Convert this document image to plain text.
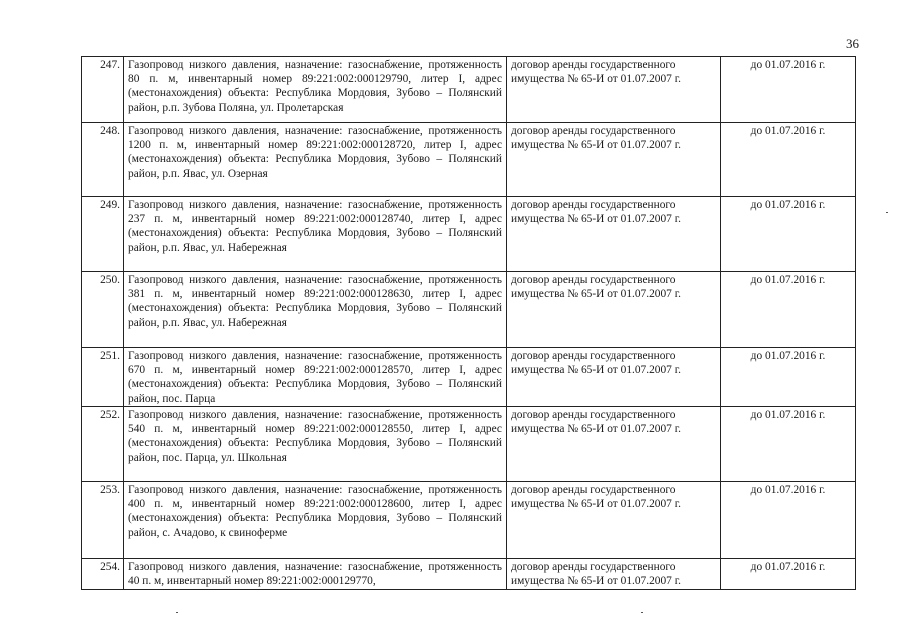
36
247.	Газопровод низкого давления, назначение: газоснабжение, протяженность 80 п. м, инвентарный номер 89:221:002:000129790, литер I, адрес (местонахождения) объекта: Республика Мордовия, Зубово – Полянский район, р.п. Зубова Поляна, ул. Пролетарская	договор аренды государственного имущества № 65-И от 01.07.2007 г.	до 01.07.2016 г.
248.	Газопровод низкого давления, назначение: газоснабжение, протяженность 1200 п. м, инвентарный номер 89:221:002:000128720, литер I, адрес (местонахождения) объекта: Республика Мордовия, Зубово – Полянский район, р.п. Явас, ул. Озерная	договор аренды государственного имущества № 65-И от 01.07.2007 г.	до 01.07.2016 г.
249.	Газопровод низкого давления, назначение: газоснабжение, протяженность 237 п. м, инвентарный номер 89:221:002:000128740, литер I, адрес (местонахождения) объекта: Республика Мордовия, Зубово – Полянский район, р.п. Явас, ул. Набережная	договор аренды государственного имущества № 65-И от 01.07.2007 г.	до 01.07.2016 г.
250.	Газопровод низкого давления, назначение: газоснабжение, протяженность 381 п. м, инвентарный номер 89:221:002:000128630, литер I, адрес (местонахождения) объекта: Республика Мордовия, Зубово – Полянский район, р.п. Явас, ул. Набережная	договор аренды государственного имущества № 65-И от 01.07.2007 г.	до 01.07.2016 г.
251.	Газопровод низкого давления, назначение: газоснабжение, протяженность 670 п. м, инвентарный номер 89:221:002:000128570, литер I, адрес (местонахождения) объекта: Республика Мордовия, Зубово – Полянский район, пос. Парца	договор аренды государственного имущества № 65-И от 01.07.2007 г.	до 01.07.2016 г.
252.	Газопровод низкого давления, назначение: газоснабжение, протяженность 540 п. м, инвентарный номер 89:221:002:000128550, литер I, адрес (местонахождения) объекта: Республика Мордовия, Зубово – Полянский район, пос. Парца, ул. Школьная	договор аренды государственного имущества № 65-И от 01.07.2007 г.	до 01.07.2016 г.
253.	Газопровод низкого давления, назначение: газоснабжение, протяженность 400 п. м, инвентарный номер 89:221:002:000128600, литер I, адрес (местонахождения) объекта: Республика Мордовия, Зубово – Полянский район, с. Ачадово, к свиноферме	договор аренды государственного имущества № 65-И от 01.07.2007 г.	до 01.07.2016 г.
254.	Газопровод низкого давления, назначение: газоснабжение, протяженность 40 п. м, инвентарный номер 89:221:002:000129770,	договор аренды государственного имущества № 65-И от 01.07.2007 г.	до 01.07.2016 г.
